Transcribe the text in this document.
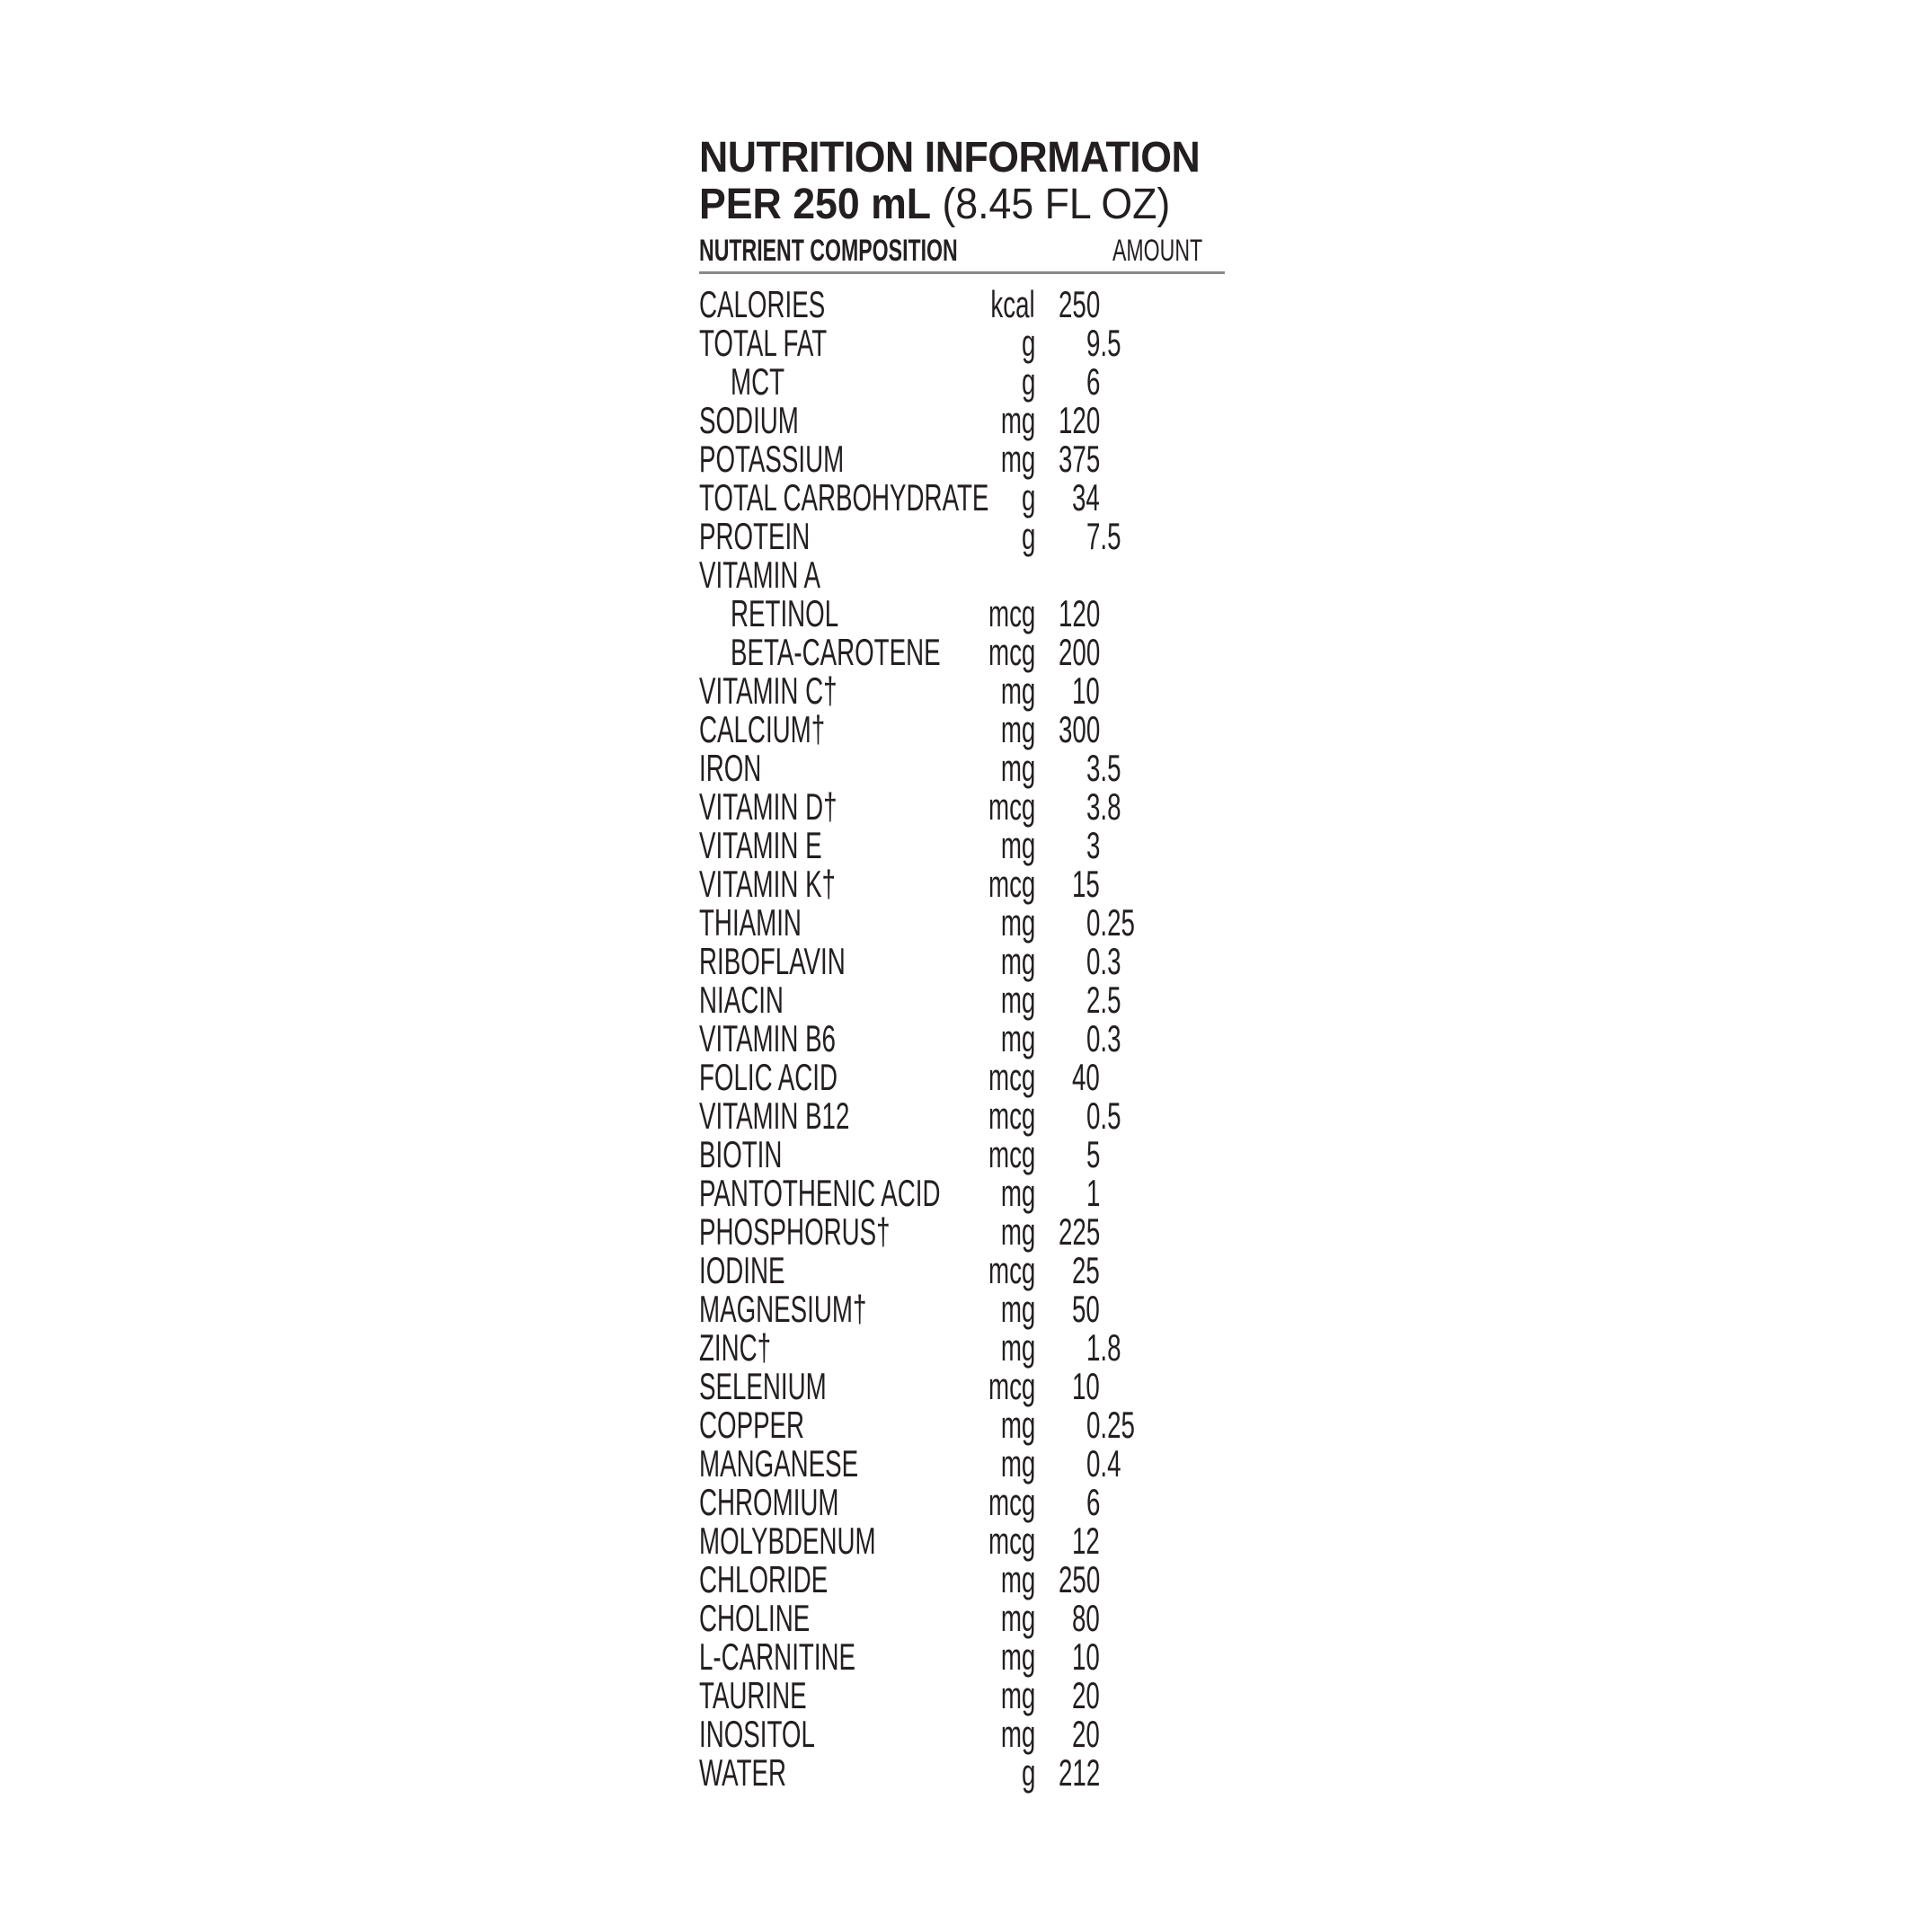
NUTRITION INFORMATION
PER 250 mL (8.45 FL OZ)
NUTRIENT COMPOSITION	AMOUNT
CALORIES	kcal 250
TOTAL FAT	g	9.5
MCT	g	6
SODIUM	mg 120
POTASSIUM	mg 375
TOTAL CARBOHYDRATE g 34
PROTEIN	g	7.5
VITAMIN A
RETINOL	mcg 120
BETA-CAROTENE mcg 200
VITAMIN C†	mg 10
CALCIUM†	mg 300
IRON	mg	3.5
VITAMIN D†	mcg	3.8
VITAMIN E	mg	3
VITAMIN K†	mcg 15
THIAMIN	mg	0.25
RIBOFLAVIN	mg	0.3
NIACIN	mg	2.5
VITAMIN B6	mg	0.3
FOLIC ACID	mcg 40
VITAMIN B12	mcg	0.5
BIOTIN	mcg	5
PANTOTHENIC ACID mg	1
PHOSPHORUS†	mg 225
IODINE	mcg 25
MAGNESIUM†	mg 50
ZINC†	mg	1.8
SELENIUM	mcg 10
COPPER	mg	0.25
MANGANESE	mg	0.4
CHROMIUM	mcg	6
MOLYBDENUM	mcg 12
CHLORIDE	mg 250
CHOLINE	mg 80
L-CARNITINE	mg 10
TAURINE	mg 20
INOSITOL	mg 20
WATER	g 212
